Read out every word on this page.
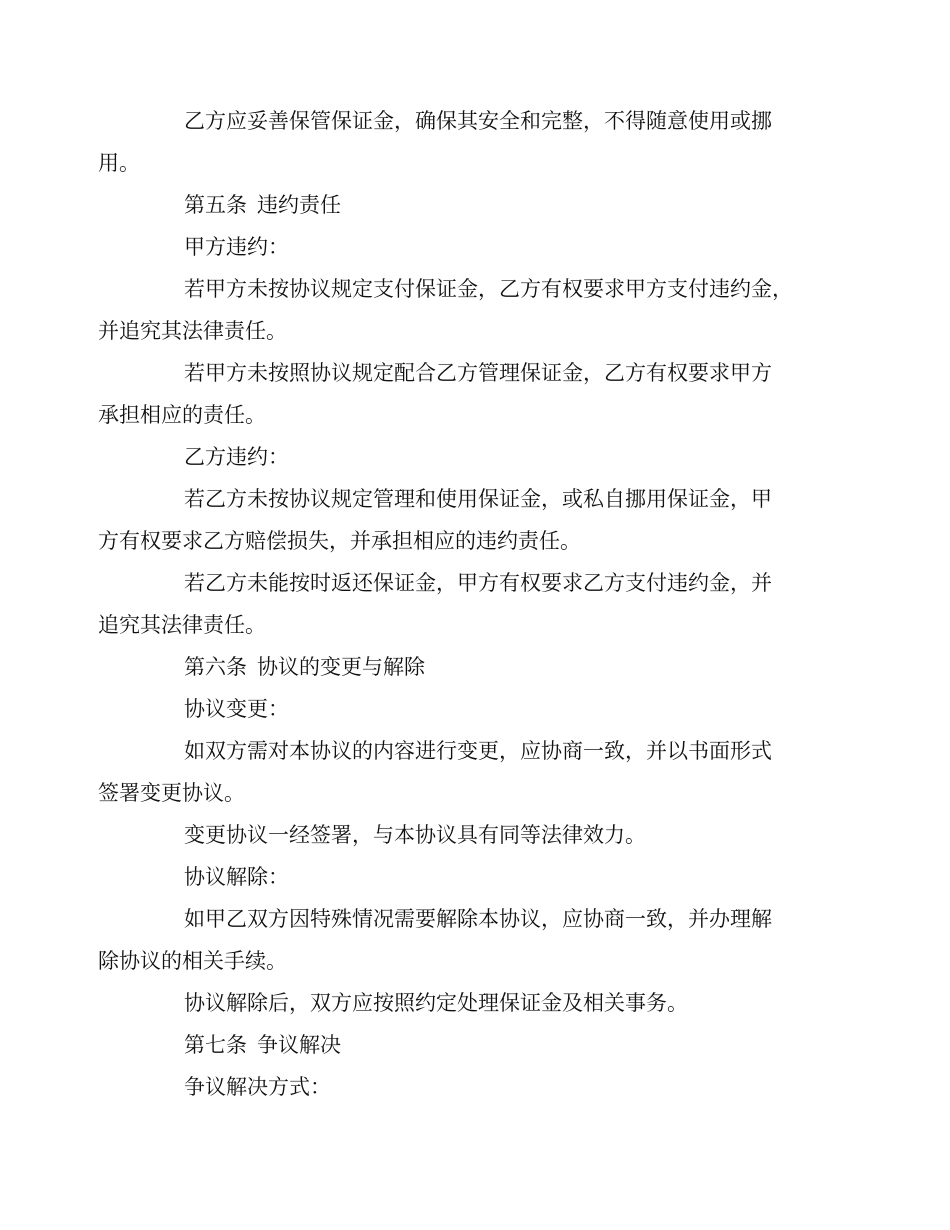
乙方应妥善保管保证金，确保其安全和完整，不得随意使用或挪
用。
第五条 违约责任
甲方违约：
若甲方未按协议规定支付保证金，乙方有权要求甲方支付违约金，
并追究其法律责任。
若甲方未按照协议规定配合乙方管理保证金，乙方有权要求甲方
承担相应的责任。
乙方违约：
若乙方未按协议规定管理和使用保证金，或私自挪用保证金，甲
方有权要求乙方赔偿损失，并承担相应的违约责任。
若乙方未能按时返还保证金，甲方有权要求乙方支付违约金，并
追究其法律责任。
第六条 协议的变更与解除
协议变更：
如双方需对本协议的内容进行变更，应协商一致，并以书面形式
签署变更协议。
变更协议一经签署，与本协议具有同等法律效力。
协议解除：
如甲乙双方因特殊情况需要解除本协议，应协商一致，并办理解
除协议的相关手续。
协议解除后，双方应按照约定处理保证金及相关事务。
第七条 争议解决
争议解决方式：
